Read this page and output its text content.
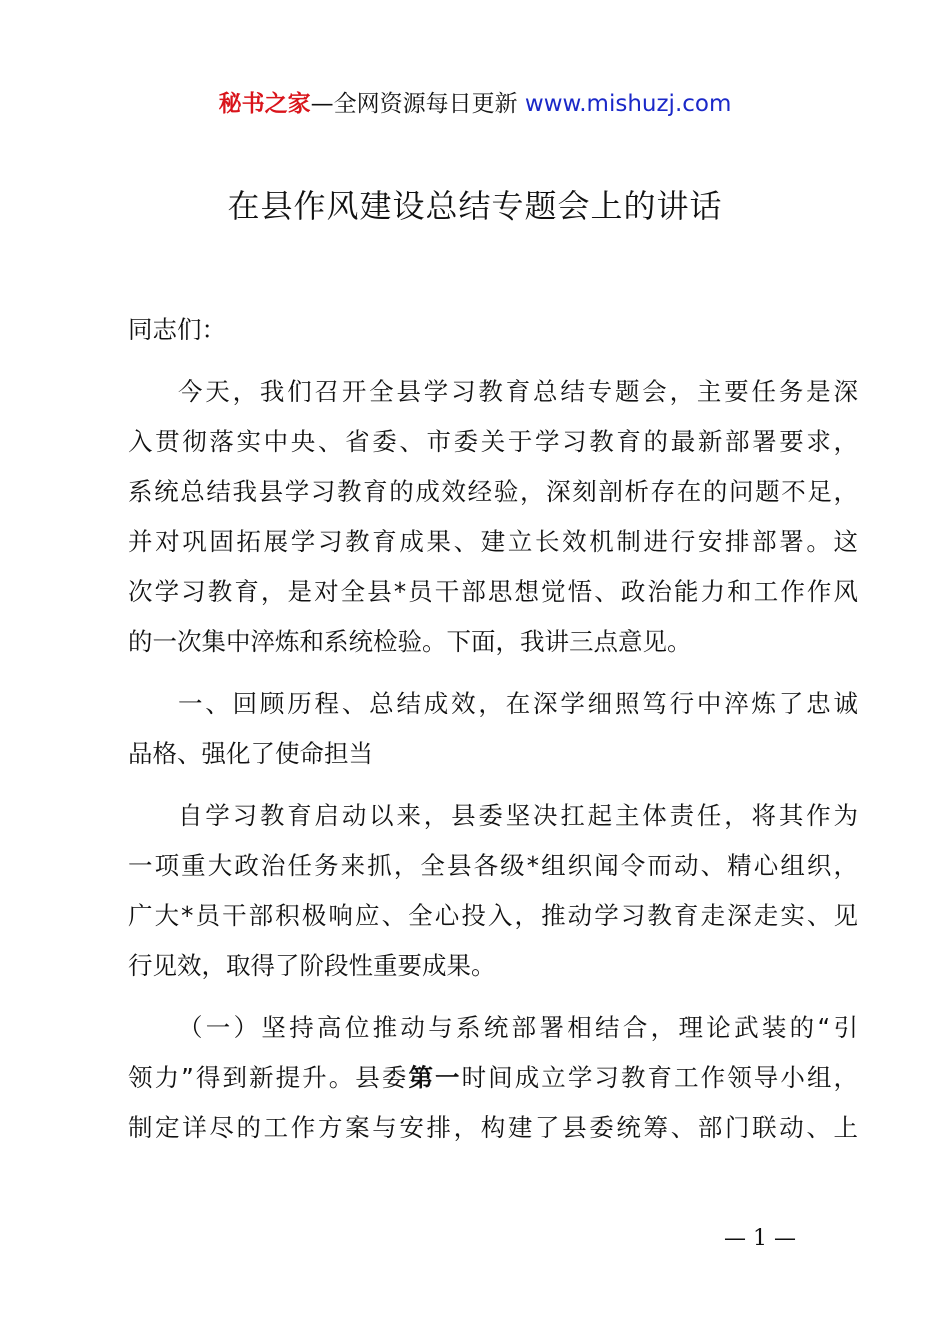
秘书之家—全网资源每日更新 www.mishuzj.com
在县作风建设总结专题会上的讲话
同志们：
今天，我们召开全县学习教育总结专题会，主要任务是深
入贯彻落实中央、省委、市委关于学习教育的最新部署要求，
系统总结我县学习教育的成效经验，深刻剖析存在的问题不足，
并对巩固拓展学习教育成果、建立长效机制进行安排部署。这
次学习教育，是对全县*员干部思想觉悟、政治能力和工作作风
的一次集中淬炼和系统检验。下面，我讲三点意见。
一、回顾历程、总结成效，在深学细照笃行中淬炼了忠诚
品格、强化了使命担当
自学习教育启动以来，县委坚决扛起主体责任，将其作为
一项重大政治任务来抓，全县各级*组织闻令而动、精心组织，
广大*员干部积极响应、全心投入，推动学习教育走深走实、见
行见效，取得了阶段性重要成果。
（一）坚持高位推动与系统部署相结合，理论武装的“引
领力”得到新提升。县委第一时间成立学习教育工作领导小组，
制定详尽的工作方案与安排，构建了县委统筹、部门联动、上
— 1 —
